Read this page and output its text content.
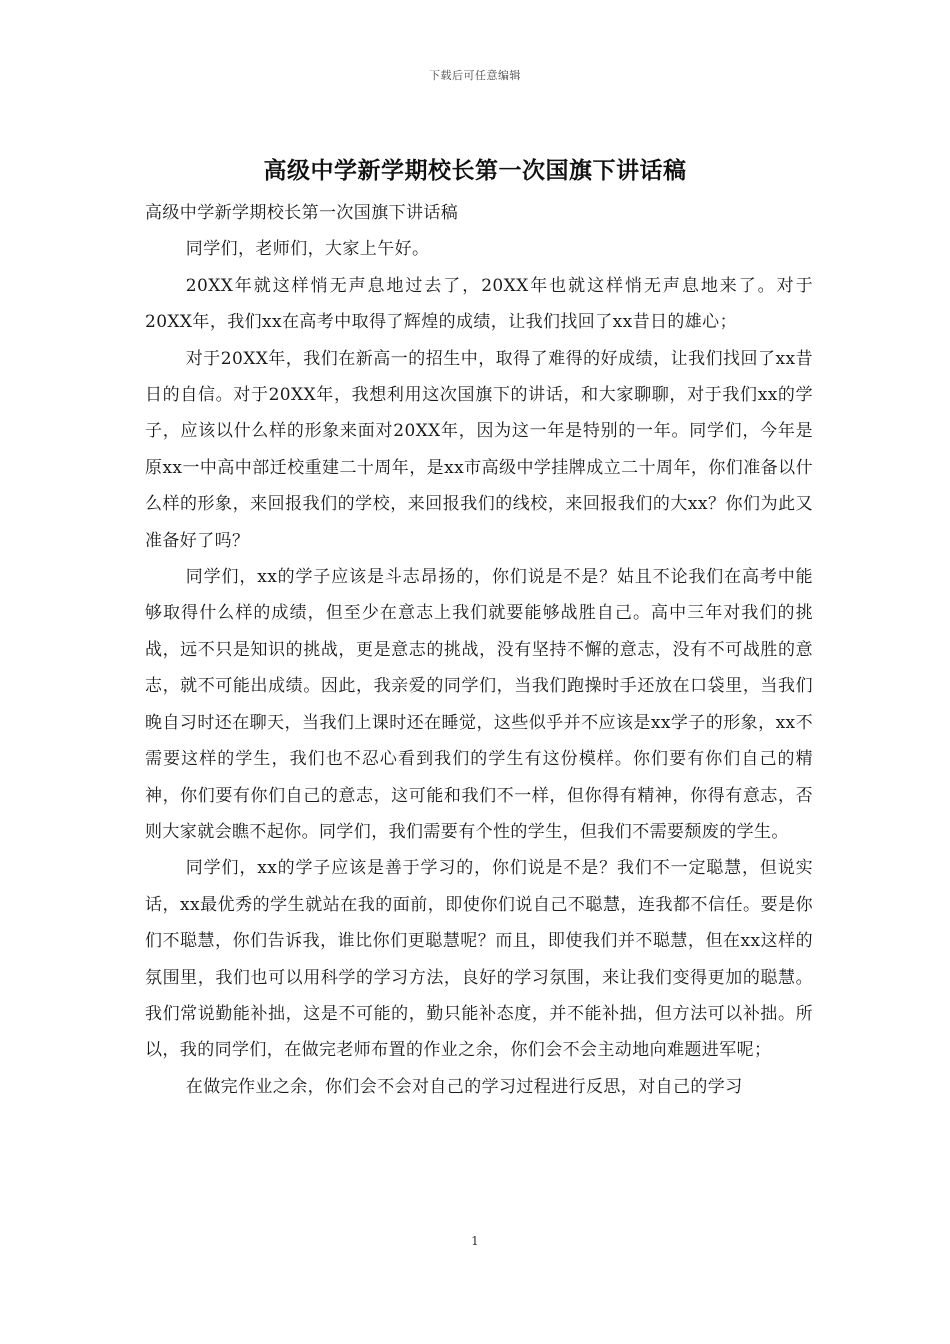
下载后可任意编辑
高级中学新学期校长第一次国旗下讲话稿

高级中学新学期校长第一次国旗下讲话稿

同学们，老师们，大家上午好。

20XX年就这样悄无声息地过去了，20XX年也就这样悄无声息地来了。对于20XX年，我们xx在高考中取得了辉煌的成绩，让我们找回了xx昔日的雄心；

对于20XX年，我们在新高一的招生中，取得了难得的好成绩，让我们找回了xx昔日的自信。对于20XX年，我想利用这次国旗下的讲话，和大家聊聊，对于我们xx的学子，应该以什么样的形象来面对20XX年，因为这一年是特别的一年。同学们，今年是原xx一中高中部迁校重建二十周年，是xx市高级中学挂牌成立二十周年，你们准备以什么样的形象，来回报我们的学校，来回报我们的线校，来回报我们的大xx？你们为此又准备好了吗？

同学们，xx的学子应该是斗志昂扬的，你们说是不是？姑且不论我们在高考中能够取得什么样的成绩，但至少在意志上我们就要能够战胜自己。高中三年对我们的挑战，远不只是知识的挑战，更是意志的挑战，没有坚持不懈的意志，没有不可战胜的意志，就不可能出成绩。因此，我亲爱的同学们，当我们跑操时手还放在口袋里，当我们晚自习时还在聊天，当我们上课时还在睡觉，这些似乎并不应该是xx学子的形象，xx不需要这样的学生，我们也不忍心看到我们的学生有这份模样。你们要有你们自己的精神，你们要有你们自己的意志，这可能和我们不一样，但你得有精神，你得有意志，否则大家就会瞧不起你。同学们，我们需要有个性的学生，但我们不需要颓废的学生。

同学们，xx的学子应该是善于学习的，你们说是不是？我们不一定聪慧，但说实话，xx最优秀的学生就站在我的面前，即使你们说自己不聪慧，连我都不信任。要是你们不聪慧，你们告诉我，谁比你们更聪慧呢？而且，即使我们并不聪慧，但在xx这样的氛围里，我们也可以用科学的学习方法，良好的学习氛围，来让我们变得更加的聪慧。我们常说勤能补拙，这是不可能的，勤只能补态度，并不能补拙，但方法可以补拙。所以，我的同学们，在做完老师布置的作业之余，你们会不会主动地向难题进军呢；

在做完作业之余，你们会不会对自己的学习过程进行反思，对自己的学习

1
